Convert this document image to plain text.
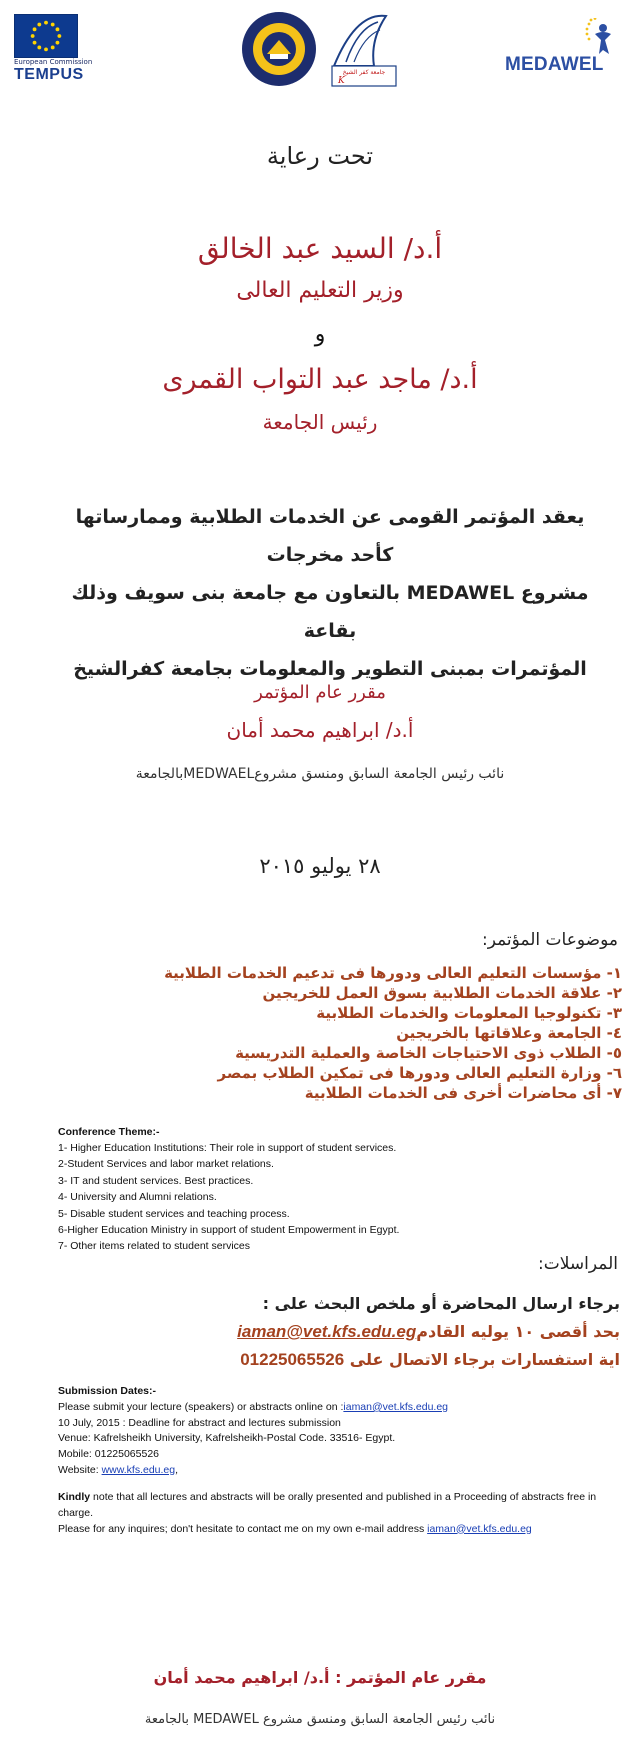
European Commission
TEMPUS	جامعة كفر الشيخ
K
MEDAWEL
تحت رعاية
أ.د/ السيد عبد الخالق
وزير التعليم العالى
و
أ.د/ ماجد عبد التواب القمرى
رئيس الجامعة
يعقد المؤتمر القومى عن الخدمات الطلابية وممارساتها كأحد مخرجات
مشروع MEDAWEL بالتعاون مع جامعة بنى سويف وذلك بقاعة
المؤتمرات بمبنى التطوير والمعلومات بجامعة كفرالشيخ
مقرر عام المؤتمر
أ.د/ ابراهيم محمد أمان
نائب رئيس الجامعة السابق ومنسق مشروعMEDWAELبالجامعة
٢٨ يوليو ٢٠١٥
موضوعات المؤتمر:
١- مؤسسات التعليم العالى ودورها فى تدعيم الخدمات الطلابية
٢- علاقة الخدمات الطلابية بسوق العمل للخريجين
٣- تكنولوجيا المعلومات والخدمات الطلابية
٤- الجامعة وعلاقاتها بالخريجين
٥- الطلاب ذوى الاحتياجات الخاصة والعملية التدريسية
٦- وزارة التعليم العالى ودورها فى تمكين الطلاب بمصر
٧- أى محاضرات أخرى فى الخدمات الطلابية
Conference Theme:-
1- Higher Education Institutions: Their role in support of student services.
2-Student Services and labor market relations.
3- IT and student services. Best practices.
4- University and Alumni relations.
5- Disable student services and teaching process.
6-Higher Education Ministry in support of student Empowerment in Egypt.
7- Other items related to student services
المراسلات:
برجاء ارسال المحاضرة أو ملخص البحث على :
بحد أقصى ١٠ يوليه القادمiaman@vet.kfs.edu.eg
اية استفسارات برجاء الاتصال على 01225065526

Submission Dates:-

Please submit your lecture (speakers) or abstracts online on :iaman@vet.kfs.edu.eg

10 July, 2015 : Deadline for abstract and lectures submission

Venue: Kafrelsheikh University, Kafrelsheikh-Postal Code. 33516- Egypt.

Mobile: 01225065526

Website: www.kfs.edu.eg,

Kindly note that all lectures and abstracts will be orally presented and published in a Proceeding of abstracts free in charge.

Please for any inquires; don't hesitate to contact me on my own e-mail address iaman@vet.kfs.edu.eg

مقرر عام المؤتمر : أ.د/ ابراهيم محمد أمان
نائب رئيس الجامعة السابق ومنسق مشروع MEDAWEL بالجامعة
